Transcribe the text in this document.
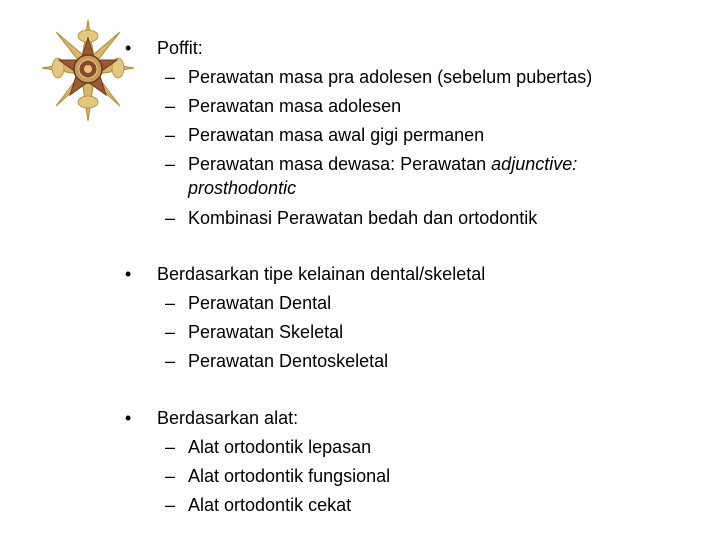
• Poffit:
– Perawatan masa pra adolesen (sebelum pubertas)
– Perawatan masa adolesen
– Perawatan masa awal gigi permanen
– Perawatan masa dewasa: Perawatan adjunctive:
prosthodontic
– Kombinasi Perawatan bedah dan ortodontik
• Berdasarkan tipe kelainan dental/skeletal
– Perawatan Dental
– Perawatan Skeletal
– Perawatan Dentoskeletal
• Berdasarkan alat:
– Alat ortodontik lepasan
– Alat ortodontik fungsional
– Alat ortodontik cekat
